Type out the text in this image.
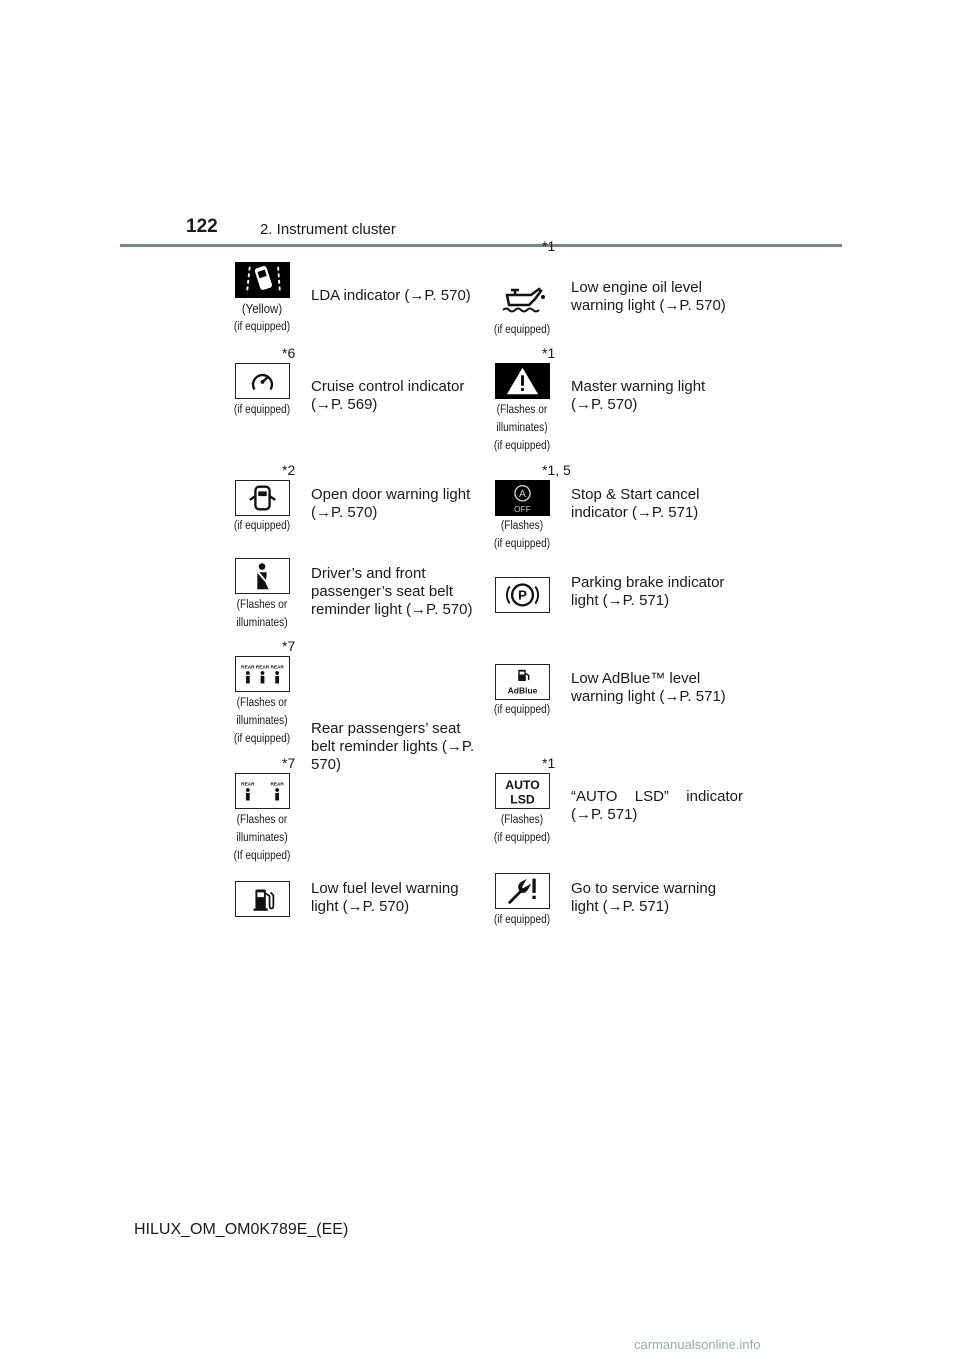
122	2. Instrument cluster
(Yellow)
(if equipped)
LDA indicator (→P. 570)
*1
(if equipped)
Low engine oil level warning light (→P. 570)
*6
(if equipped)
Cruise control indicator (→P. 569)
*1
(Flashes or
illuminates)
(if equipped)
Master warning light (→P. 570)
*2
(if equipped)
Open door warning light (→P. 570)
*1, 5
A
OFF
(Flashes)
(if equipped)
Stop & Start cancel indicator (→P. 571)
(Flashes or
illuminates)
Driver’s and front passenger’s seat belt reminder light (→P. 570)
P
Parking brake indicator light (→P. 571)
*7
REAR REAR REAR
(Flashes or
illuminates)
(if equipped)
Rear passengers’ seat belt reminder lights (→P. 570)
AdBlue
(if equipped)
Low AdBlue™ level warning light (→P. 571)
*7
REAR	REAR
(Flashes or
illuminates)
(If equipped)
*1
AUTO
LSD
(Flashes)
(if equipped)
“AUTO LSD” indicator
(→P. 571)
Low fuel level warning light (→P. 570)
(if equipped)
Go to service warning light (→P. 571)
HILUX_OM_OM0K789E_(EE)
carmanualsonline.info
